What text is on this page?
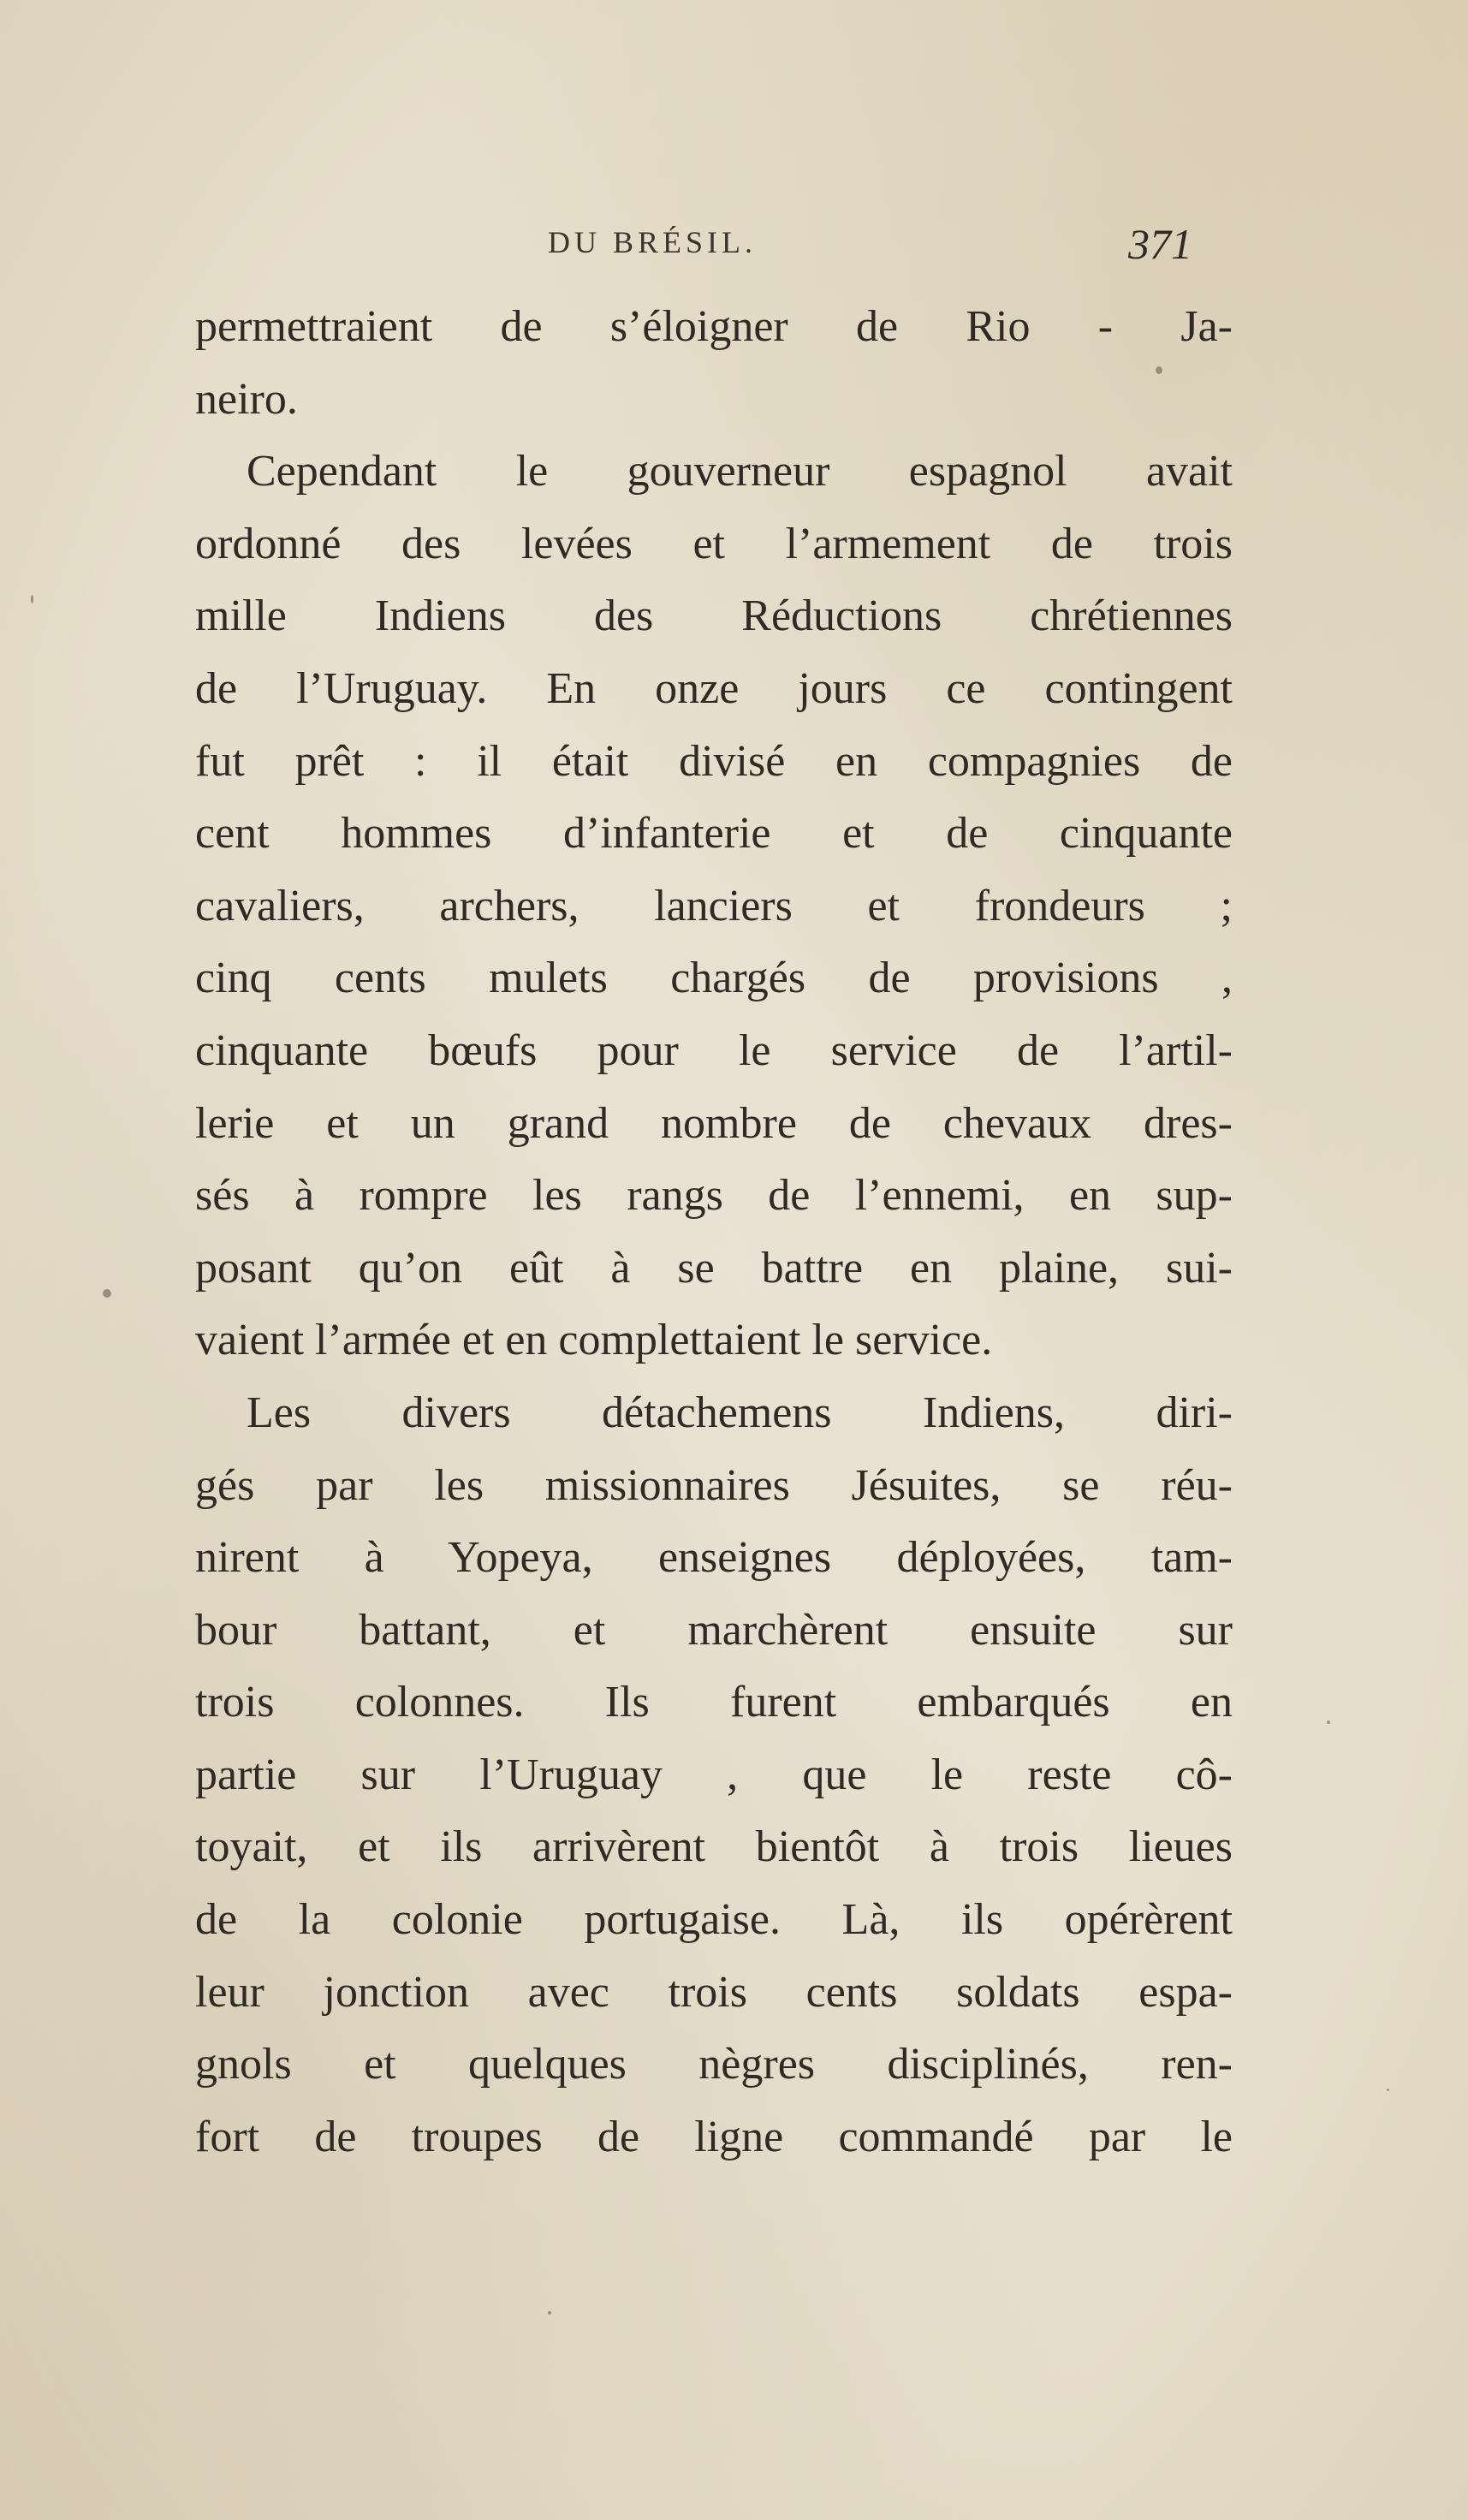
DU BRÉSIL.	371
permettraient de s’éloigner de Rio - Ja-
neiro.
Cependant le gouverneur espagnol avait
ordonné des levées et l’armement de trois
mille Indiens des Réductions chrétiennes
de l’Uruguay. En onze jours ce contingent
fut prêt : il était divisé en compagnies de
cent hommes d’infanterie et de cinquante
cavaliers, archers, lanciers et frondeurs ;
cinq cents mulets chargés de provisions ,
cinquante bœufs pour le service de l’artil-
lerie et un grand nombre de chevaux dres-
sés à rompre les rangs de l’ennemi, en sup-
posant qu’on eût à se battre en plaine, sui-
vaient l’armée et en complettaient le service.
Les divers détachemens Indiens, diri-
gés par les missionnaires Jésuites, se réu-
nirent à Yopeya, enseignes déployées, tam-
bour battant, et marchèrent ensuite sur
trois colonnes. Ils furent embarqués en
partie sur l’Uruguay , que le reste cô-
toyait, et ils arrivèrent bientôt à trois lieues
de la colonie portugaise. Là, ils opérèrent
leur jonction avec trois cents soldats espa-
gnols et quelques nègres disciplinés, ren-
fort de troupes de ligne commandé par le
